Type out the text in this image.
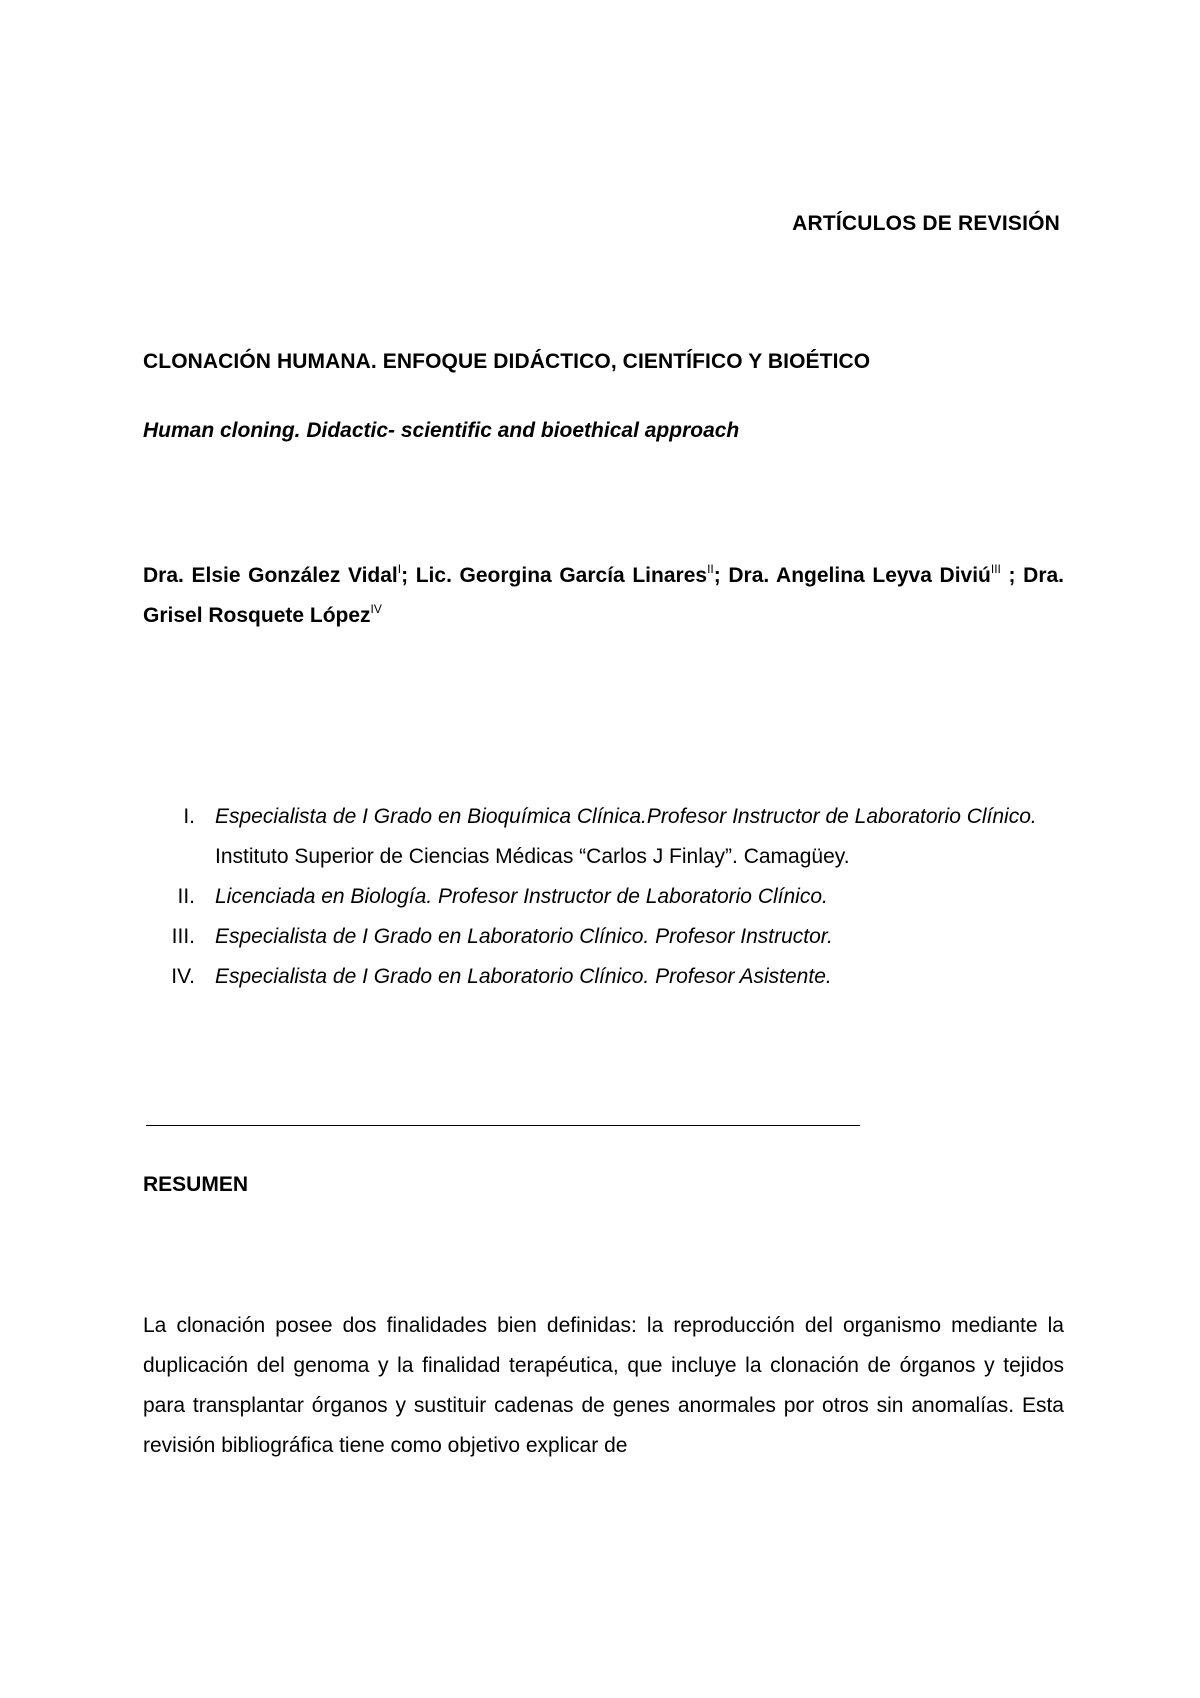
ARTÍCULOS DE REVISIÓN

CLONACIÓN HUMANA. ENFOQUE DIDÁCTICO, CIENTÍFICO Y BIOÉTICO

Human cloning. Didactic- scientific and bioethical approach

Dra. Elsie González Vidal$^I$; Lic. Georgina García Linares$^{II}$; Dra. Angelina Leyva Diviú$^{III}$ ; Dra. Grisel Rosquete López$^{IV}$

I. Especialista de I Grado en Bioquímica Clínica.Profesor Instructor de Laboratorio Clínico. Instituto Superior de Ciencias Médicas “Carlos J Finlay”. Camagüey.
II. Licenciada en Biología. Profesor Instructor de Laboratorio Clínico.
III. Especialista de I Grado en Laboratorio Clínico. Profesor Instructor.
IV. Especialista de I Grado en Laboratorio Clínico. Profesor Asistente.

RESUMEN

La clonación posee dos finalidades bien definidas: la reproducción del organismo mediante la duplicación del genoma y la finalidad terapéutica, que incluye la clonación de órganos y tejidos para transplantar órganos y sustituir cadenas de genes anormales por otros sin anomalías. Esta revisión bibliográfica tiene como objetivo explicar de
